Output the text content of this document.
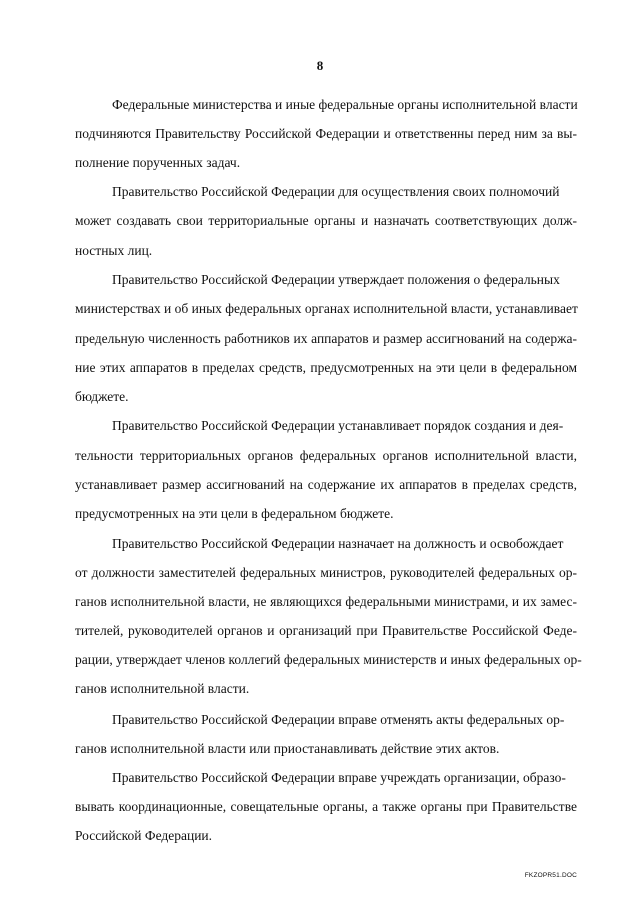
8
Федеральные министерства и иные федеральные органы исполнительной власти
подчиняются Правительству Российской Федерации и ответственны перед ним за вы-
полнение порученных задач.
Правительство Российской Федерации для осуществления своих полномочий
может создавать свои территориальные органы и назначать соответствующих долж-
ностных лиц.
Правительство Российской Федерации утверждает положения о федеральных
министерствах и об иных федеральных органах исполнительной власти, устанавливает
предельную численность работников их аппаратов и размер ассигнований на содержа-
ние этих аппаратов в пределах средств, предусмотренных на эти цели в федеральном
бюджете.
Правительство Российской Федерации устанавливает порядок создания и дея-
тельности территориальных органов федеральных органов исполнительной власти,
устанавливает размер ассигнований на содержание их аппаратов в пределах средств,
предусмотренных на эти цели в федеральном бюджете.
Правительство Российской Федерации назначает на должность и освобождает
от должности заместителей федеральных министров, руководителей федеральных ор-
ганов исполнительной власти, не являющихся федеральными министрами, и их замес-
тителей, руководителей органов и организаций при Правительстве Российской Феде-
рации, утверждает членов коллегий федеральных министерств и иных федеральных ор-
ганов исполнительной власти.
Правительство Российской Федерации вправе отменять акты федеральных ор-
ганов исполнительной власти или приостанавливать действие этих актов.
Правительство Российской Федерации вправе учреждать организации, образо-
вывать координационные, совещательные органы, а также органы при Правительстве
Российской Федерации.
FKZOPR51.DOC
